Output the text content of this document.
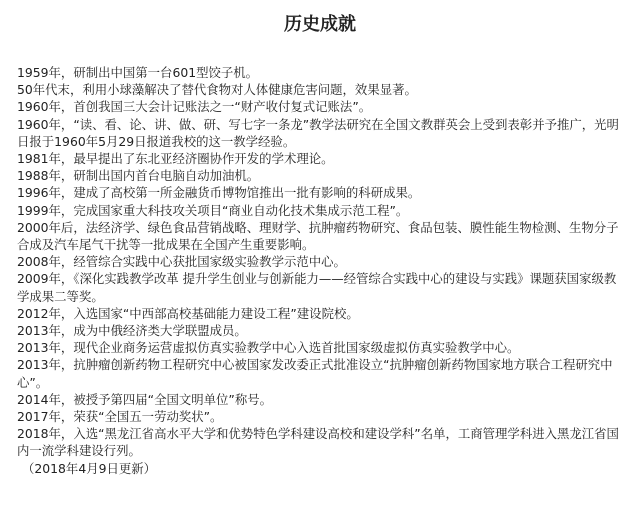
历史成就

1959年，研制出中国第一台601型饺子机。

50年代末，利用小球藻解决了替代食物对人体健康危害问题，效果显著。

1960年，首创我国三大会计记账法之一“财产收付复式记账法”。

1960年，“读、看、论、讲、做、研、写七字一条龙”教学法研究在全国文教群英会上受到表彰并予推广，光明日报于1960年5月29日报道我校的这一教学经验。

1981年，最早提出了东北亚经济圈协作开发的学术理论。

1988年，研制出国内首台电脑自动加油机。

1996年，建成了高校第一所金融货币博物馆推出一批有影响的科研成果。

1999年，完成国家重大科技攻关项目“商业自动化技术集成示范工程”。

2000年后，法经济学、绿色食品营销战略、理财学、抗肿瘤药物研究、食品包装、膜性能生物检测、生物分子合成及汽车尾气干扰等一批成果在全国产生重要影响。

2008年，经管综合实践中心获批国家级实验教学示范中心。

2009年，《深化实践教学改革 提升学生创业与创新能力——经管综合实践中心的建设与实践》课题获国家级教学成果二等奖。

2012年，入选国家“中西部高校基础能力建设工程”建设院校。

2013年，成为中俄经济类大学联盟成员。

2013年，现代企业商务运营虚拟仿真实验教学中心入选首批国家级虚拟仿真实验教学中心。

2013年，抗肿瘤创新药物工程研究中心被国家发改委正式批准设立“抗肿瘤创新药物国家地方联合工程研究中心”。

2014年，被授予第四届“全国文明单位”称号。

2017年，荣获“全国五一劳动奖状”。

2018年，入选“黑龙江省高水平大学和优势特色学科建设高校和建设学科”名单，工商管理学科进入黑龙江省国内一流学科建设行列。

（2018年4月9日更新）
